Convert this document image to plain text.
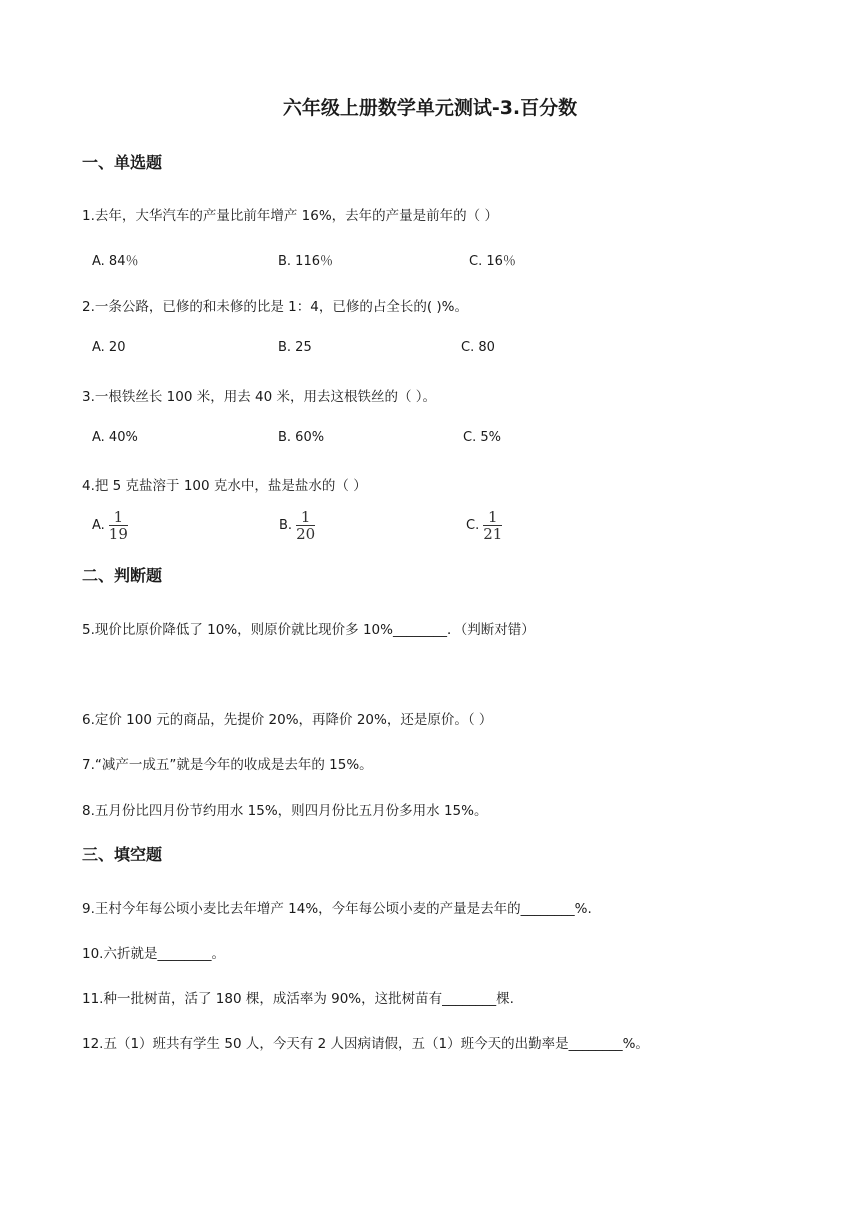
六年级上册数学单元测试-3.百分数
一、单选题
1.去年，大华汽车的产量比前年增产 16%，去年的产量是前年的（ ）
A. 84％	B. 116％	C. 16％
2.一条公路，已修的和未修的比是 1：4，已修的占全长的( )%。
A. 20	B. 25	C. 80
3.一根铁丝长 100 米，用去 40 米，用去这根铁丝的（ ）。
A. 40%	B. 60%	C. 5%
4.把 5 克盐溶于 100 克水中，盐是盐水的（ ）
A. $\frac{1}{19}$	B. $\frac{1}{20}$	C. $\frac{1}{21}$
二、判断题
5.现价比原价降低了 10%，则原价就比现价多 10%________．（判断对错）
6.定价 100 元的商品，先提价 20%，再降价 20%，还是原价。（ ）
7.“减产一成五”就是今年的收成是去年的 15%。
8.五月份比四月份节约用水 15%，则四月份比五月份多用水 15%。
三、填空题
9.王村今年每公顷小麦比去年增产 14%，今年每公顷小麦的产量是去年的________%.
10.六折就是________。
11.种一批树苗，活了 180 棵，成活率为 90%，这批树苗有________棵.
12.五（1）班共有学生 50 人，今天有 2 人因病请假，五（1）班今天的出勤率是________%。
